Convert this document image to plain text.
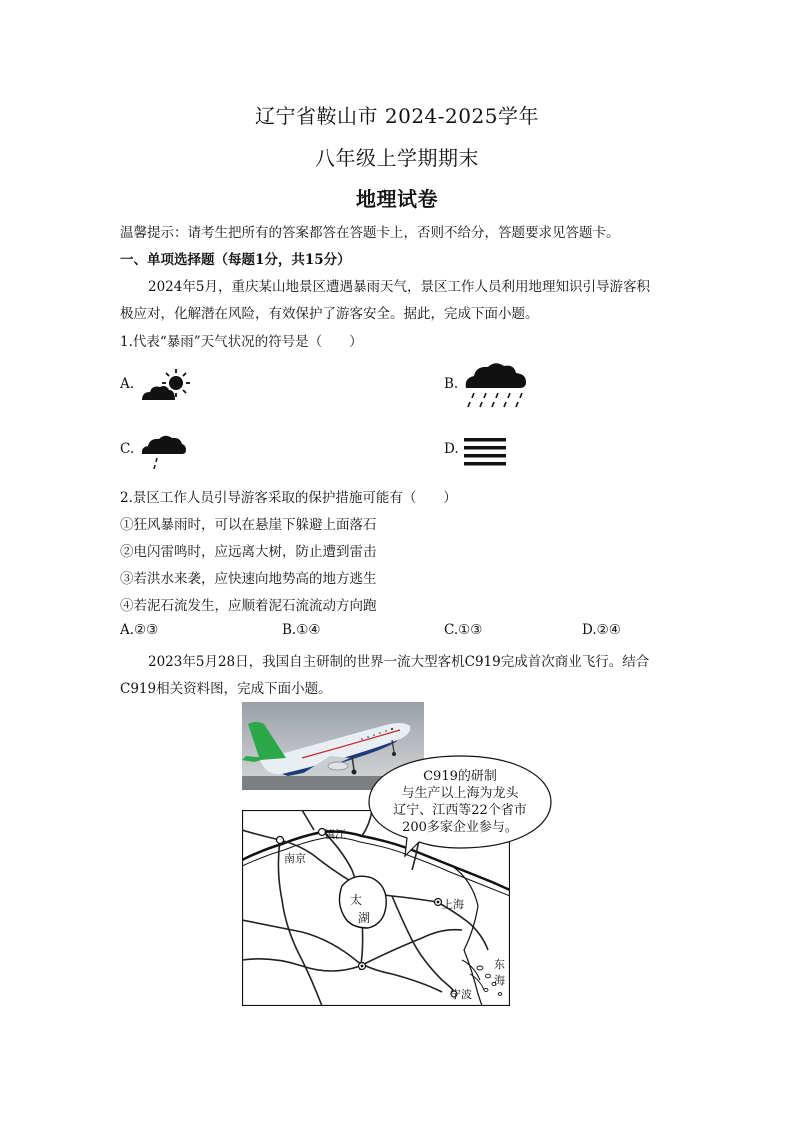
辽宁省鞍山市 2024-2025学年
八年级上学期期末
地理试卷
温馨提示：请考生把所有的答案都答在答题卡上，否则不给分，答题要求见答题卡。
一、单项选择题（每题1分，共15分）
2024年5月，重庆某山地景区遭遇暴雨天气，景区工作人员利用地理知识引导游客积
极应对，化解潜在风险，有效保护了游客安全。据此，完成下面小题。
1.代表“暴雨”天气状况的符号是（　　）
A.	B.
C.	D.
2.景区工作人员引导游客采取的保护措施可能有（　　）
①狂风暴雨时，可以在悬崖下躲避上面落石
②电闪雷鸣时，应远离大树，防止遭到雷击
③若洪水来袭，应快速向地势高的地方逃生
④若泥石流发生，应顺着泥石流流动方向跑
A.②③	B.①④	C.①③	D.②④
2023年5月28日，我国自主研制的世界一流大型客机C919完成首次商业飞行。结合
C919相关资料图，完成下面小题。
镇江
南京
太
湖
上海
宁波
东
海
C919的研制
与生产以上海为龙头
辽宁、江西等22个省市
200多家企业参与。
